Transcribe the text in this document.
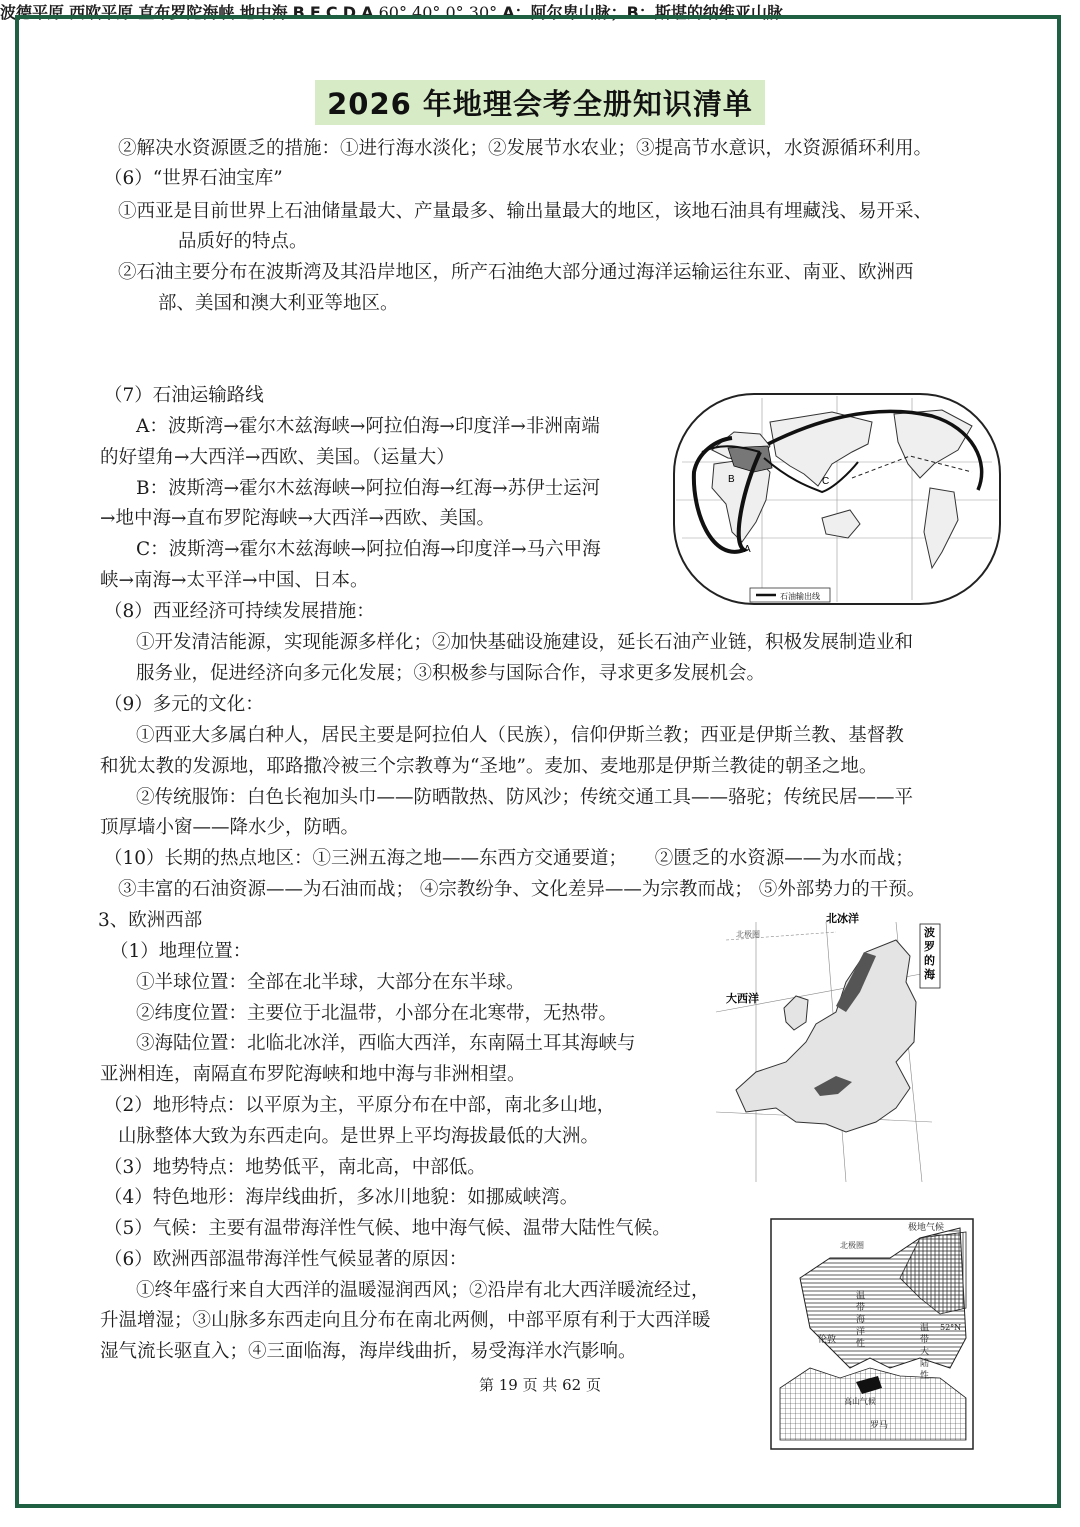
2026 年地理会考全册知识清单
②解决水资源匮乏的措施：①进行海水淡化；②发展节水农业；③提高节水意识，水资源循环利用。
（6）“世界石油宝库”
①西亚是目前世界上石油储量最大、产量最多、输出量最大的地区，该地石油具有埋藏浅、易开采、
品质好的特点。
②石油主要分布在波斯湾及其沿岸地区，所产石油绝大部分通过海洋运输运往东亚、南亚、欧洲西
部、美国和澳大利亚等地区。
（7）石油运输路线
A：波斯湾→霍尔木兹海峡→阿拉伯海→印度洋→非洲南端
的好望角→大西洋→西欧、美国。（运量大）
B：波斯湾→霍尔木兹海峡→阿拉伯海→红海→苏伊士运河
→地中海→直布罗陀海峡→大西洋→西欧、美国。
C：波斯湾→霍尔木兹海峡→阿拉伯海→印度洋→马六甲海
峡→南海→太平洋→中国、日本。
（8）西亚经济可持续发展措施：
①开发清洁能源，实现能源多样化；②加快基础设施建设，延长石油产业链，积极发展制造业和
服务业，促进经济向多元化发展；③积极参与国际合作，寻求更多发展机会。
（9）多元的文化：
①西亚大多属白种人，居民主要是阿拉伯人（民族），信仰伊斯兰教；西亚是伊斯兰教、基督教
和犹太教的发源地，耶路撒冷被三个宗教尊为“圣地”。麦加、麦地那是伊斯兰教徒的朝圣之地。
②传统服饰：白色长袍加头巾——防晒散热、防风沙；传统交通工具——骆驼；传统民居——平
顶厚墙小窗——降水少，防晒。
（10）长期的热点地区：①三洲五海之地——东西方交通要道；　　②匮乏的水资源——为水而战；
③丰富的石油资源——为石油而战； ④宗教纷争、文化差异——为宗教而战； ⑤外部势力的干预。
3、欧洲西部
（1）地理位置：
①半球位置：全部在北半球，大部分在东半球。
②纬度位置：主要位于北温带，小部分在北寒带，无热带。
③海陆位置：北临北冰洋，西临大西洋，东南隔土耳其海峡与
亚洲相连，南隔直布罗陀海峡和地中海与非洲相望。
（2）地形特点：以平原为主，平原分布在中部，南北多山地，
山脉整体大致为东西走向。是世界上平均海拔最低的大洲。
（3）地势特点：地势低平，南北高，中部低。
（4）特色地形：海岸线曲折，多冰川地貌：如挪威峡湾。
（5）气候：主要有温带海洋性气候、地中海气候、温带大陆性气候。
（6）欧洲西部温带海洋性气候显著的原因：
①终年盛行来自大西洋的温暖湿润西风；②沿岸有北大西洋暖流经过，
升温增湿；③山脉多东西走向且分布在南北两侧，中部平原有利于大西洋暖
湿气流长驱直入；④三面临海，海岸线曲折，易受海洋水汽影响。
B
A
C
石油输出线
北极圈
北冰洋
大西洋
波罗的海
波德平原 西欧平原 直布罗陀海峡 地中海 B E C D A 60° 40° 0° 30° A：阿尔卑山脉；B：斯堪的纳维亚山脉
极地气候
北极圈
温带海洋性
温带大陆性
伦敦
高山气候
罗马
52°N
第 19 页 共 62 页
